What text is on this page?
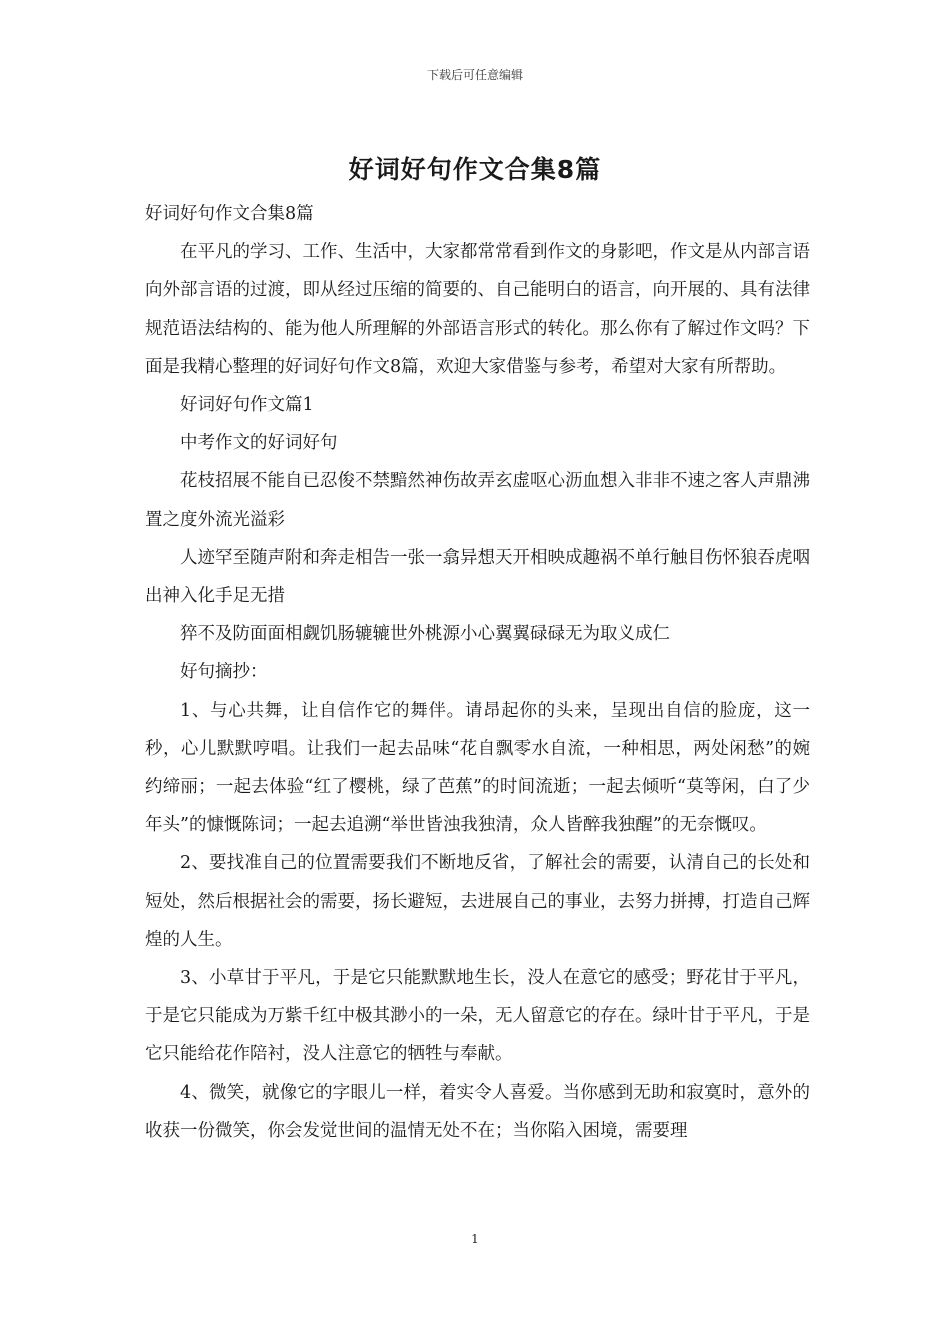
下载后可任意编辑
好词好句作文合集8篇

好词好句作文合集8篇

在平凡的学习、工作、生活中，大家都常常看到作文的身影吧，作文是从内部言语向外部言语的过渡，即从经过压缩的简要的、自己能明白的语言，向开展的、具有法律规范语法结构的、能为他人所理解的外部语言形式的转化。那么你有了解过作文吗？下面是我精心整理的好词好句作文8篇，欢迎大家借鉴与参考，希望对大家有所帮助。

好词好句作文篇1

中考作文的好词好句

花枝招展不能自已忍俊不禁黯然神伤故弄玄虚呕心沥血想入非非不速之客人声鼎沸置之度外流光溢彩

人迹罕至随声附和奔走相告一张一翕异想天开相映成趣祸不单行触目伤怀狼吞虎咽出神入化手足无措

猝不及防面面相觑饥肠辘辘世外桃源小心翼翼碌碌无为取义成仁

好句摘抄：

1、与心共舞，让自信作它的舞伴。请昂起你的头来，呈现出自信的脸庞，这一秒，心儿默默哼唱。让我们一起去品味“花自飘零水自流，一种相思，两处闲愁”的婉约缔丽；一起去体验“红了樱桃，绿了芭蕉”的时间流逝；一起去倾听“莫等闲，白了少年头”的慷慨陈词；一起去追溯“举世皆浊我独清，众人皆醉我独醒”的无奈慨叹。

2、要找准自己的位置需要我们不断地反省，了解社会的需要，认清自己的长处和短处，然后根据社会的需要，扬长避短，去进展自己的事业，去努力拼搏，打造自己辉煌的人生。

3、小草甘于平凡，于是它只能默默地生长，没人在意它的感受；野花甘于平凡，于是它只能成为万紫千红中极其渺小的一朵，无人留意它的存在。绿叶甘于平凡，于是它只能给花作陪衬，没人注意它的牺牲与奉献。

4、微笑，就像它的字眼儿一样，着实令人喜爱。当你感到无助和寂寞时，意外的收获一份微笑，你会发觉世间的温情无处不在；当你陷入困境，需要理

1
